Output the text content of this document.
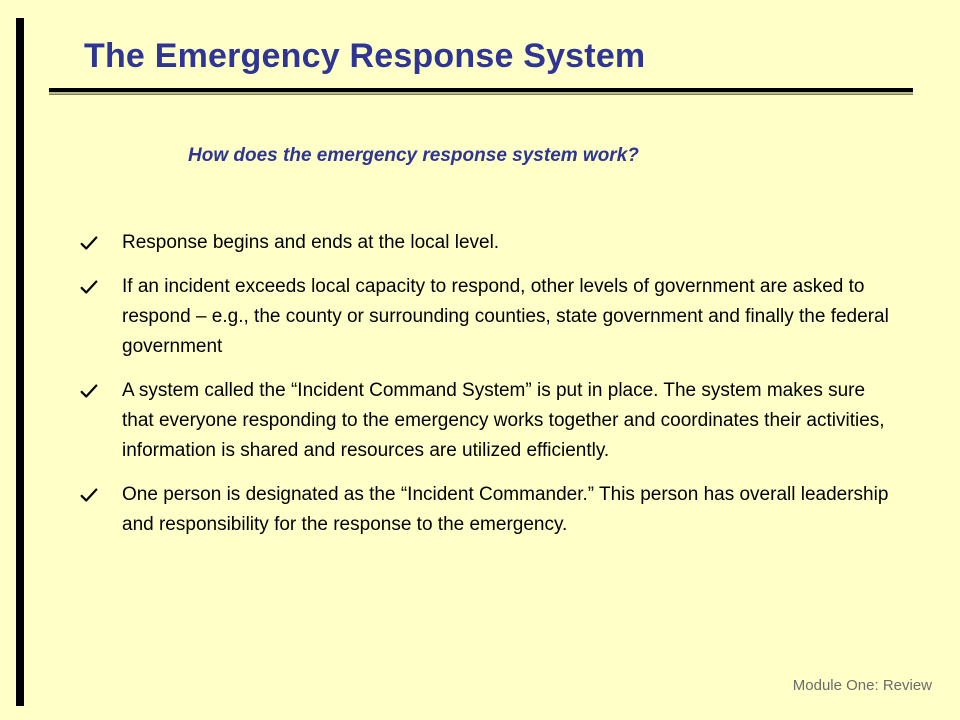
The Emergency Response System
How does the emergency response system work?
Response begins and ends at the local level.
If an incident exceeds local capacity to respond, other levels of government are asked to respond – e.g., the county or surrounding counties, state government and finally the federal government
A system called the “Incident Command System” is put in place. The system makes sure that everyone responding to the emergency works together and coordinates their activities, information is shared and resources are utilized efficiently.
One person is designated as the “Incident Commander.” This person has overall leadership and responsibility for the response to the emergency.

Module One: Review
